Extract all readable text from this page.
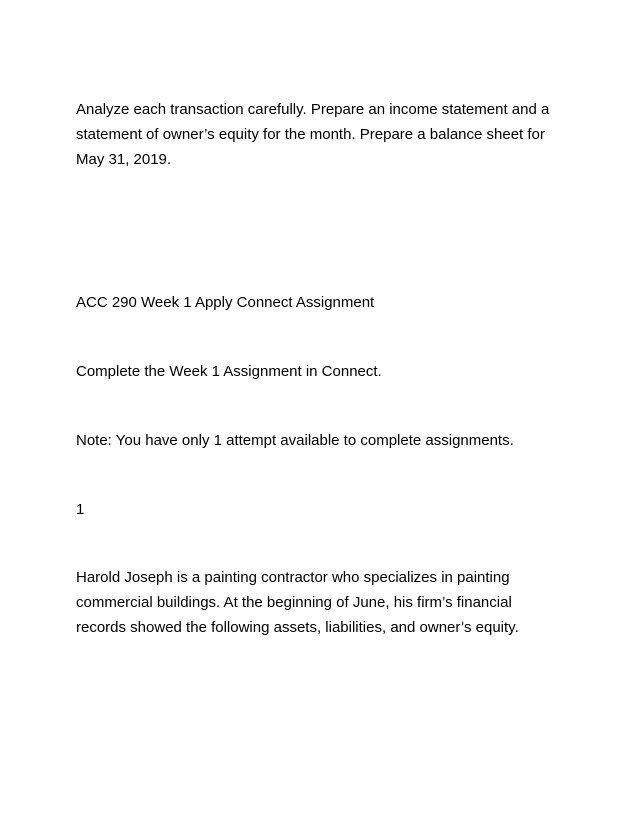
Analyze each transaction carefully. Prepare an income statement and a
statement of owner’s equity for the month. Prepare a balance sheet for
May 31, 2019.

ACC 290 Week 1 Apply Connect Assignment

Complete the Week 1 Assignment in Connect.

Note: You have only 1 attempt available to complete assignments.

1

Harold Joseph is a painting contractor who specializes in painting
commercial buildings. At the beginning of June, his firm’s financial
records showed the following assets, liabilities, and owner’s equity.
